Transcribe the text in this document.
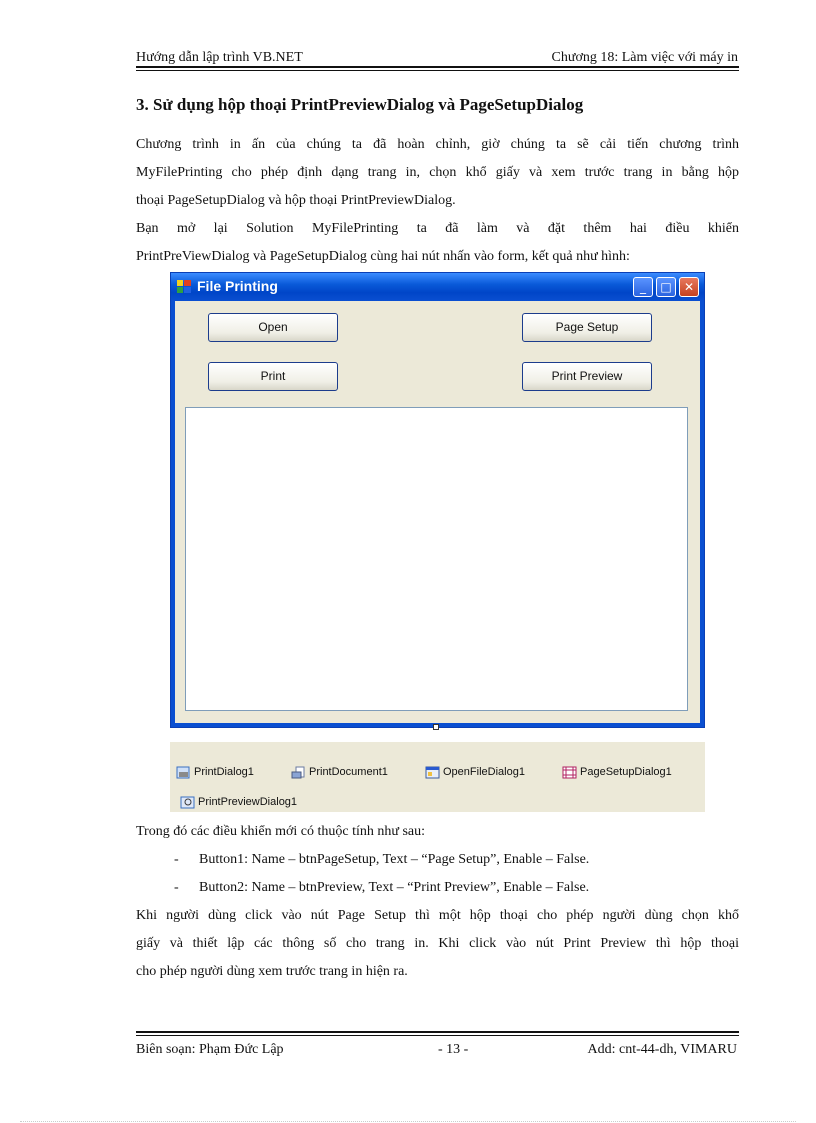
Hướng dẫn lập trình VB.NET	Chương 18: Làm việc với máy in
3. Sử dụng hộp thoại PrintPreviewDialog và PageSetupDialog
Chương trình in ấn của chúng ta đã hoàn chỉnh, giờ chúng ta sẽ cải tiến chương trình
MyFilePrinting cho phép định dạng trang in, chọn khổ giấy và xem trước trang in bằng hộp
thoại PageSetupDialog và hộp thoại PrintPreviewDialog.
Bạn mở lại Solution MyFilePrinting ta đã làm và đặt thêm hai điều khiển
PrintPreViewDialog và PageSetupDialog cùng hai nút nhấn vào form, kết quả như hình:
File Printing	_	□	✕
Open
Print
Page Setup
Print Preview
PrintDialog1	PrintDocument1	OpenFileDialog1	PageSetupDialog1
PrintPreviewDialog1
Trong đó các điều khiển mới có thuộc tính như sau:
- Button1: Name – btnPageSetup, Text – “Page Setup”, Enable – False.
- Button2: Name – btnPreview, Text – “Print Preview”, Enable – False.
Khi người dùng click vào nút Page Setup thì một hộp thoại cho phép người dùng chọn khổ
giấy và thiết lập các thông số cho trang in. Khi click vào nút Print Preview thì hộp thoại
cho phép người dùng xem trước trang in hiện ra.
Biên soạn: Phạm Đức Lập	- 13 -	Add: cnt-44-dh, VIMARU
